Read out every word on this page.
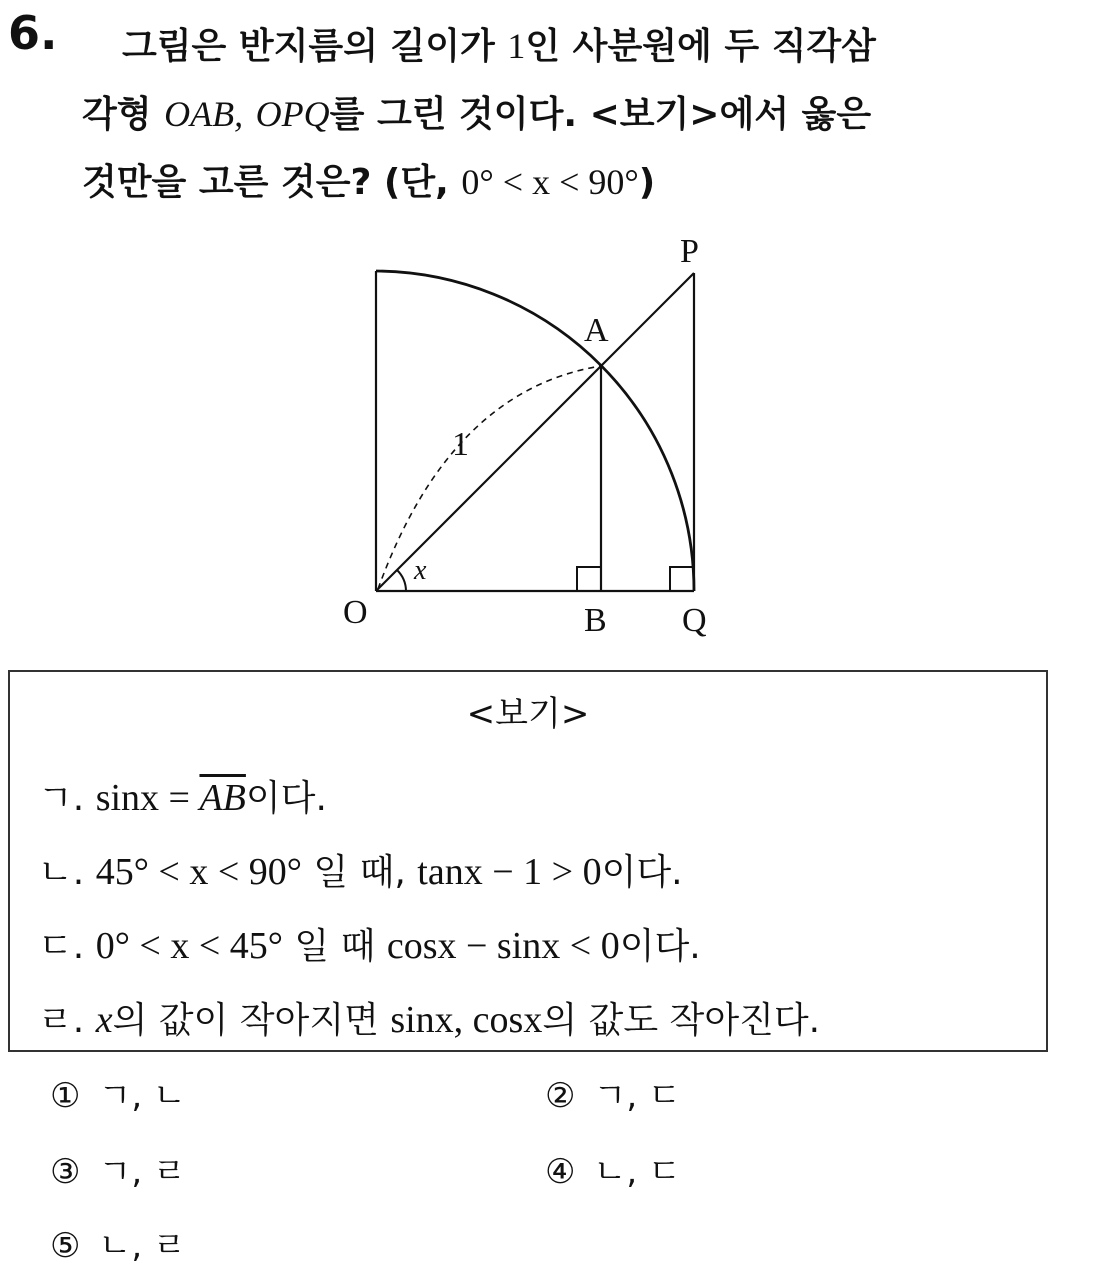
6. 그림은 반지름의 길이가 1인 사분원에 두 직각삼
각형 OAB, OPQ를 그린 것이다. <보기>에서 옳은
것만을 고른 것은? (단, 0° < x < 90°)
O	B Q
A
P
1
x
<보기>
ㄱ. $\sin x = \overline{AB}$이다.
ㄴ. 45° < x < 90° 일 때, tanx − 1 > 0이다.
ㄷ. 0° < x < 45° 일 때 cosx − sinx < 0이다.
ㄹ. x의 값이 작아지면 sinx, cosx의 값도 작아진다.
① ㄱ, ㄴ	② ㄱ, ㄷ
③ ㄱ, ㄹ	④ ㄴ, ㄷ
⑤ ㄴ, ㄹ
